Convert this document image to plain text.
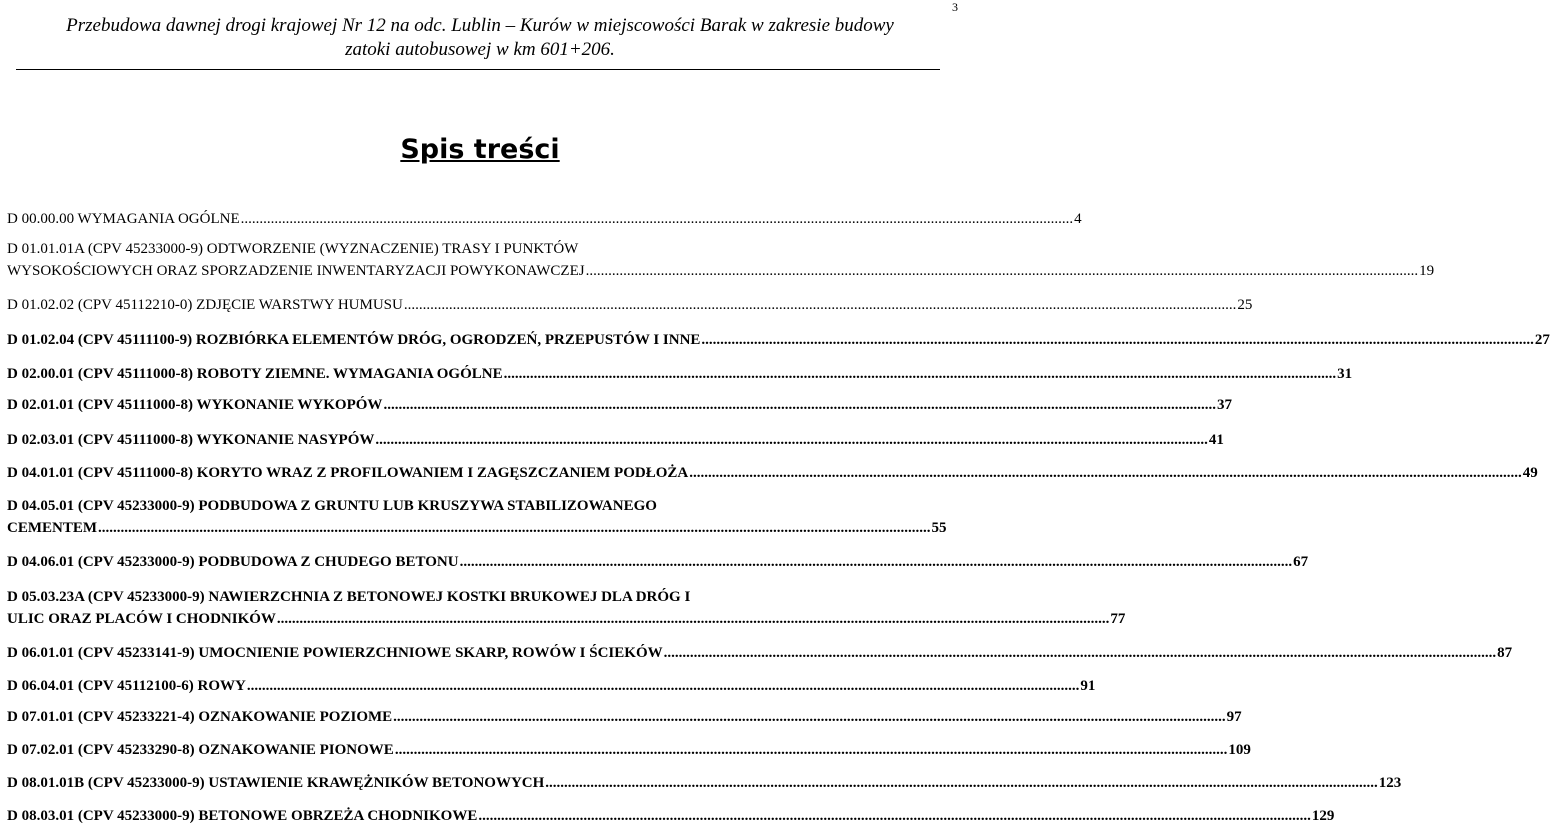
3
Przebudowa dawnej drogi krajowej Nr 12 na odc. Lublin – Kurów w miejscowości Barak w zakresie budowy
zatoki autobusowej w km 601+206.
Spis treści
D 00.00.00 WYMAGANIA OGÓLNE .............................................................................................................................................................................................................................. 4
D 01.01.01A (CPV 45233000-9) ODTWORZENIE (WYZNACZENIE) TRASY I PUNKTÓW
WYSOKOŚCIOWYCH ORAZ SPORZADZENIE INWENTARYZACJI POWYKONAWCZEJ .............................................................................................................................................................................................................................. 19
D 01.02.02 (CPV 45112210-0) ZDJĘCIE WARSTWY HUMUSU .............................................................................................................................................................................................................................. 25
D 01.02.04 (CPV 45111100-9) ROZBIÓRKA ELEMENTÓW DRÓG, OGRODZEŃ, PRZEPUSTÓW I INNE .............................................................................................................................................................................................................................. 27
D 02.00.01 (CPV 45111000-8) ROBOTY ZIEMNE. WYMAGANIA OGÓLNE .............................................................................................................................................................................................................................. 31
D 02.01.01 (CPV 45111000-8) WYKONANIE WYKOPÓW .............................................................................................................................................................................................................................. 37
D 02.03.01 (CPV 45111000-8) WYKONANIE NASYPÓW .............................................................................................................................................................................................................................. 41
D 04.01.01 (CPV 45111000-8) KORYTO WRAZ Z PROFILOWANIEM I ZAGĘSZCZANIEM PODŁOŻA .............................................................................................................................................................................................................................. 49
D 04.05.01 (CPV 45233000-9) PODBUDOWA Z GRUNTU LUB KRUSZYWA STABILIZOWANEGO
CEMENTEM .............................................................................................................................................................................................................................. 55
D 04.06.01 (CPV 45233000-9) PODBUDOWA Z CHUDEGO BETONU .............................................................................................................................................................................................................................. 67
D 05.03.23A (CPV 45233000-9) NAWIERZCHNIA Z BETONOWEJ KOSTKI BRUKOWEJ DLA DRÓG I
ULIC ORAZ PLACÓW I CHODNIKÓW .............................................................................................................................................................................................................................. 77
D 06.01.01 (CPV 45233141-9) UMOCNIENIE POWIERZCHNIOWE SKARP, ROWÓW I ŚCIEKÓW .............................................................................................................................................................................................................................. 87
D 06.04.01 (CPV 45112100-6) ROWY .............................................................................................................................................................................................................................. 91
D 07.01.01 (CPV 45233221-4) OZNAKOWANIE POZIOME .............................................................................................................................................................................................................................. 97
D 07.02.01 (CPV 45233290-8) OZNAKOWANIE PIONOWE .............................................................................................................................................................................................................................. 109
D 08.01.01B (CPV 45233000-9) USTAWIENIE KRAWĘŻNIKÓW BETONOWYCH .............................................................................................................................................................................................................................. 123
D 08.03.01 (CPV 45233000-9) BETONOWE OBRZEŻA CHODNIKOWE .............................................................................................................................................................................................................................. 129
